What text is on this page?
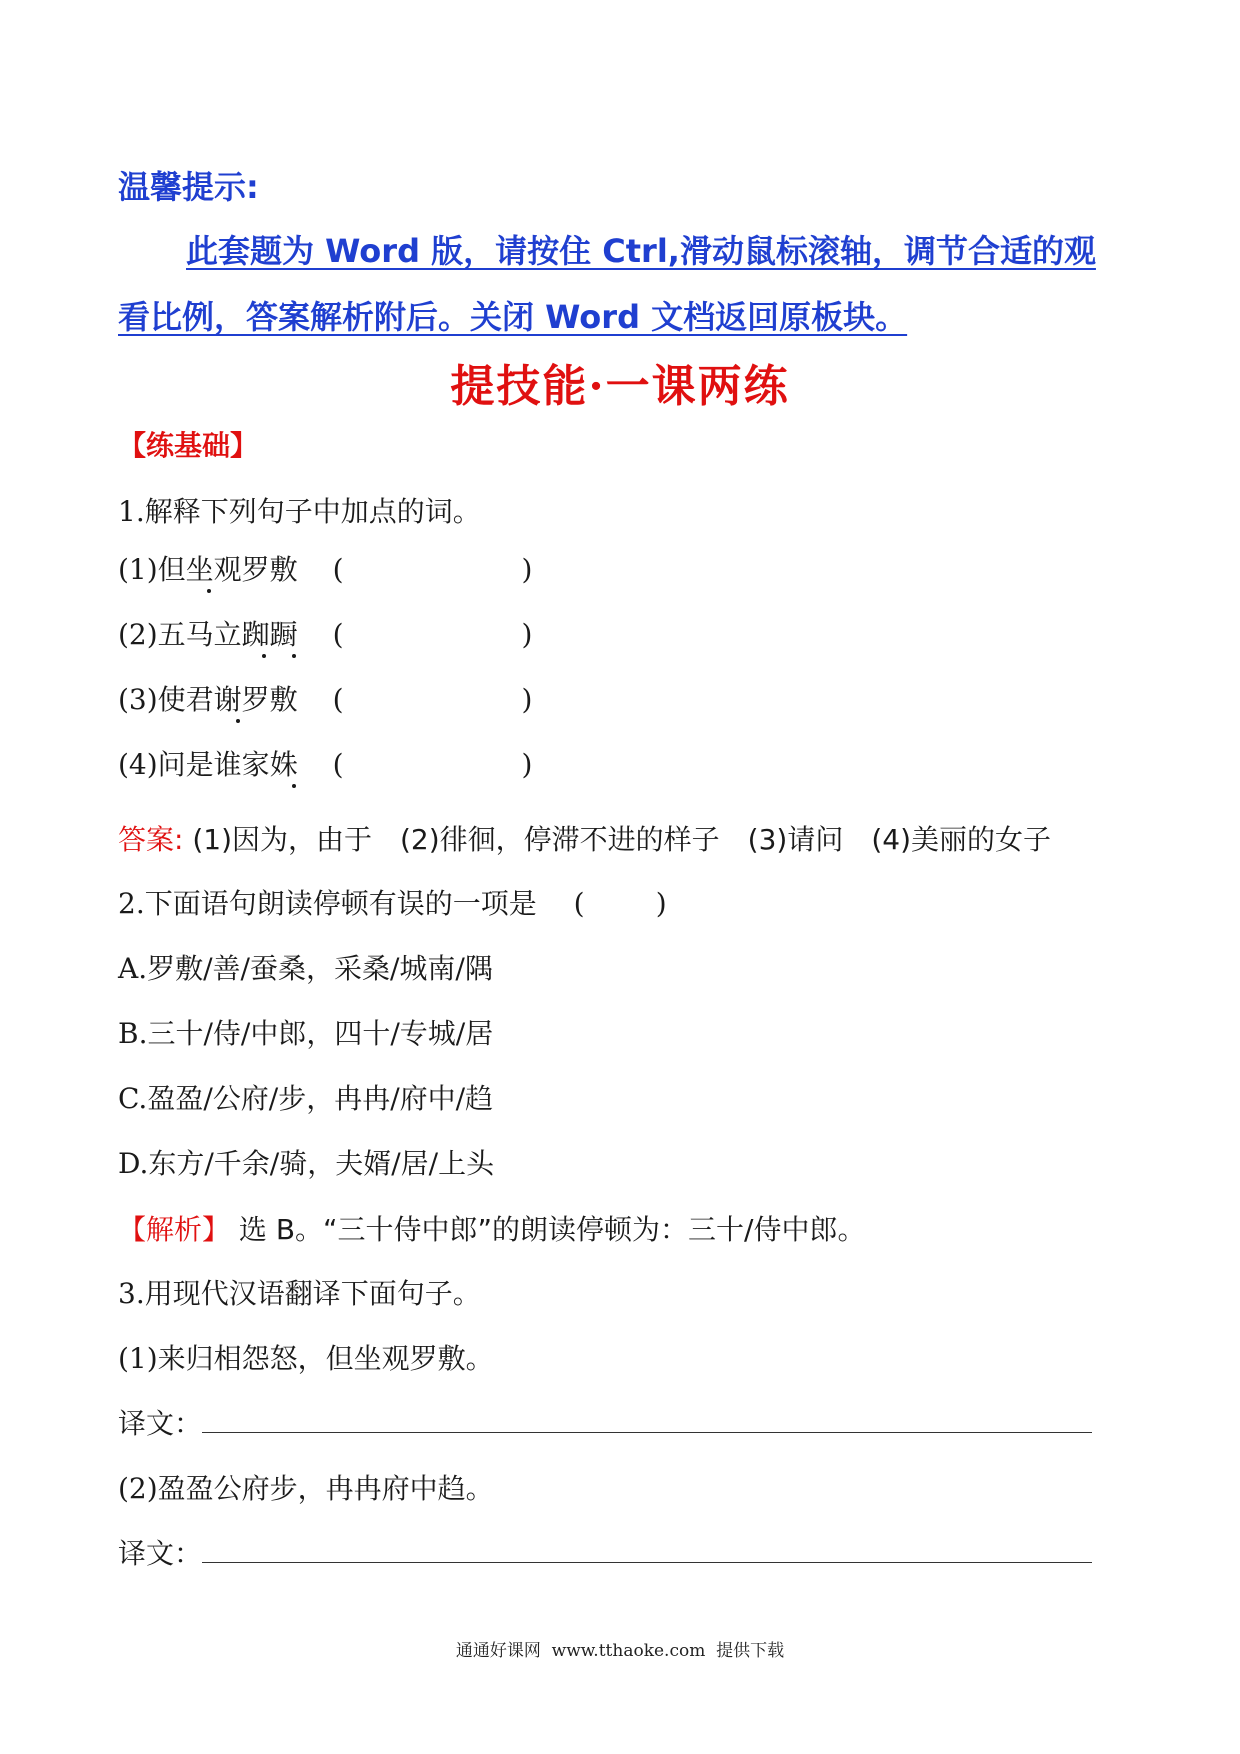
温馨提示:
此套题为 Word 版，请按住 Ctrl,滑动鼠标滚轴，调节合适的观
看比例，答案解析附后。关闭 Word 文档返回原板块。
提技能·一课两练
【练基础】
1.解释下列句子中加点的词。
(1)但坐观罗敷 (                    )
(2)五马立踟蹰 (                    )
(3)使君谢罗敷 (                    )
(4)问是谁家姝 (                    )
答案: (1)因为，由于　(2)徘徊，停滞不进的样子　(3)请问　(4)美丽的女子
2.下面语句朗读停顿有误的一项是 (        )
A.罗敷/善/蚕桑，采桑/城南/隅
B.三十/侍/中郎，四十/专城/居
C.盈盈/公府/步，冉冉/府中/趋
D.东方/千余/骑，夫婿/居/上头
【解析】 选 B。“三十侍中郎”的朗读停顿为：三十/侍中郎。
3.用现代汉语翻译下面句子。
(1)来归相怨怒，但坐观罗敷。
译文：
(2)盈盈公府步，冉冉府中趋。
译文：
通通好课网  www.tthaoke.com  提供下载
